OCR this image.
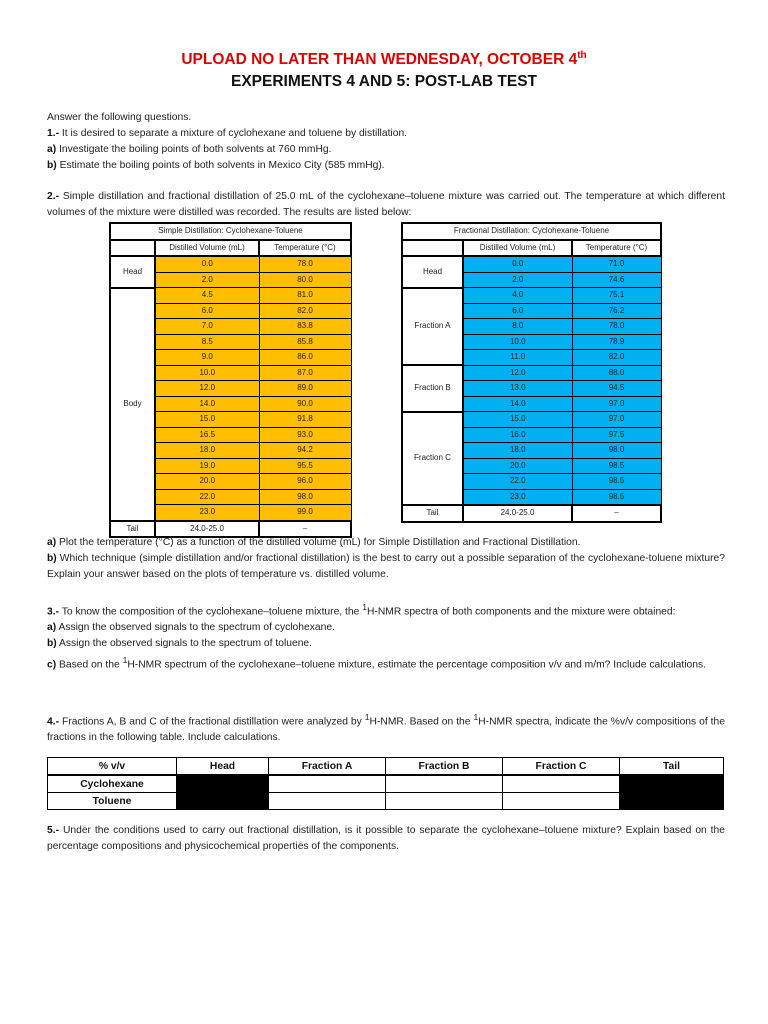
UPLOAD NO LATER THAN WEDNESDAY, OCTOBER 4th
EXPERIMENTS 4 AND 5: POST-LAB TEST

Answer the following questions.

1.- It is desired to separate a mixture of cyclohexane and toluene by distillation.

a) Investigate the boiling points of both solvents at 760 mmHg.

b) Estimate the boiling points of both solvents in Mexico City (585 mmHg).

2.- Simple distillation and fractional distillation of 25.0 mL of the cyclohexane–toluene mixture was carried out. The temperature at which different volumes of the mixture were distilled was recorded. The results are listed below:

Simple Distillation: Cyclohexane-Toluene		
	Distilled Volume (mL)	Temperature (°C)
Head	0.0	78.0
	2.0	80.0
Body	4.5	81.0
	6.0	82.0
	7.0	83.8
	8.5	85.8
	9.0	86.0
	10.0	87.0
	12.0	89.0
	14.0	90.0
	15.0	91.8
	16.5	93.0
	18.0	94.2
	19.0	95.5
	20.0	96.0
	22.0	98.0
	23.0	99.0
Tail	24.0-25.0	–
Fractional Distillation: Cyclohexane-Toluene		
	Distilled Volume (mL)	Temperature (°C)
Head	0.0	71.0
	2.0	74.6
Fraction A	4.0	75.1
	6.0	76.2
	8.0	78.0
	10.0	78.9
	11.0	82.0
Fraction B	12.0	88.0
	13.0	94.5
	14.0	97.0
Fraction C	15.0	97.0
	16.0	97.5
	18.0	98.0
	20.0	98.5
	22.0	98.5
	23.0	98.5
Tail	24.0-25.0	–

a) Plot the temperature (°C) as a function of the distilled volume (mL) for Simple Distillation and Fractional Distillation.

b) Which technique (simple distillation and/or fractional distillation) is the best to carry out a possible separation of the cyclohexane-toluene mixture? Explain your answer based on the plots of temperature vs. distilled volume.

3.- To know the composition of the cyclohexane–toluene mixture, the $^1$H-NMR spectra of both components and the mixture were obtained:

a) Assign the observed signals to the spectrum of cyclohexane.

b) Assign the observed signals to the spectrum of toluene.

c) Based on the $^1$H-NMR spectrum of the cyclohexane–toluene mixture, estimate the percentage composition v/v and m/m? Include calculations.

4.- Fractions A, B and C of the fractional distillation were analyzed by $^1$H-NMR. Based on the $^1$H-NMR spectra, indicate the %v/v compositions of the fractions in the following table. Include calculations.

% v/v	Head	Fraction A	Fraction B	Fraction C	Tail
Cyclohexane					
Toluene					

5.- Under the conditions used to carry out fractional distillation, is it possible to separate the cyclohexane–toluene mixture? Explain based on the percentage compositions and physicochemical properties of the components.
